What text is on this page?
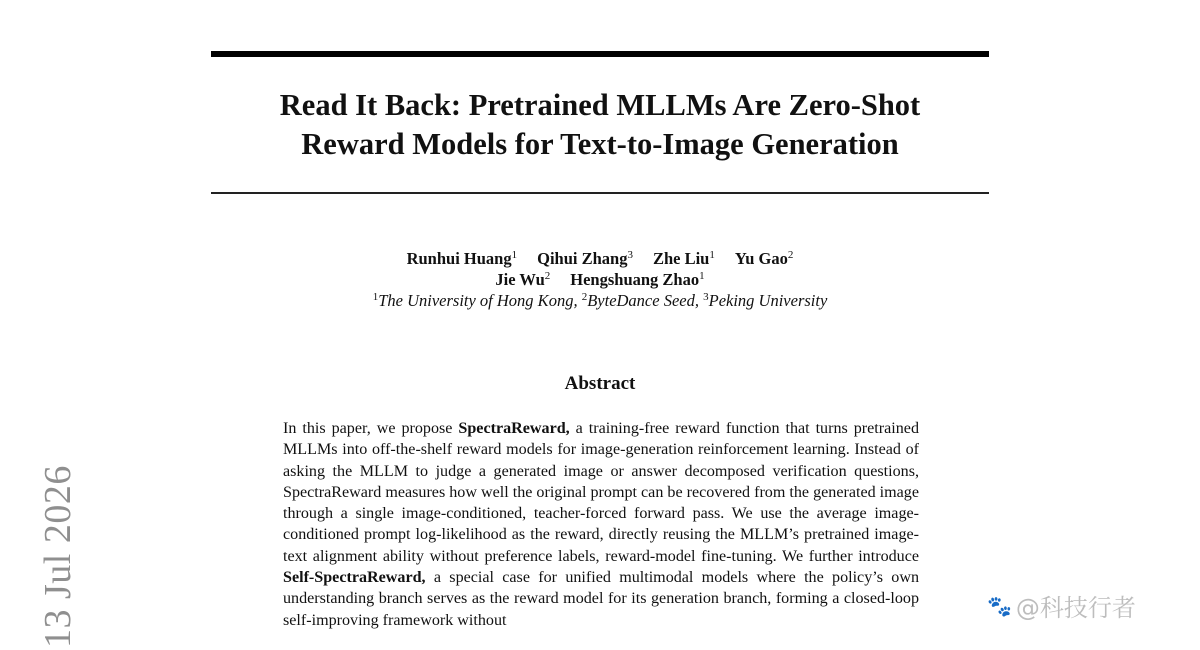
Read It Back: Pretrained MLLMs Are Zero-Shot
Reward Models for Text-to-Image Generation
Runhui Huang$^1$ Qihui Zhang$^3$ Zhe Liu$^1$ Yu Gao$^2$
Jie Wu$^2$ Hengshuang Zhao$^1$
$^1$The University of Hong Kong, $^2$ByteDance Seed, $^3$Peking University
Abstract

In this paper, we propose SpectraReward, a training-free reward function that turns pretrained MLLMs into off-the-shelf reward models for image-generation reinforcement learning. Instead of asking the MLLM to judge a generated image or answer decomposed verification questions, SpectraReward measures how well the original prompt can be recovered from the generated image through a single image-conditioned, teacher-forced forward pass. We use the average image-conditioned prompt log-likelihood as the reward, directly reusing the MLLM’s pretrained image-text alignment ability without preference labels, reward-model fine-tuning. We further introduce Self-SpectraReward, a special case for unified multimodal models where the policy’s own understanding branch serves as the reward model for its generation branch, forming a closed-loop self-improving framework without

13 Jul 2026	🐾 @科技行者
